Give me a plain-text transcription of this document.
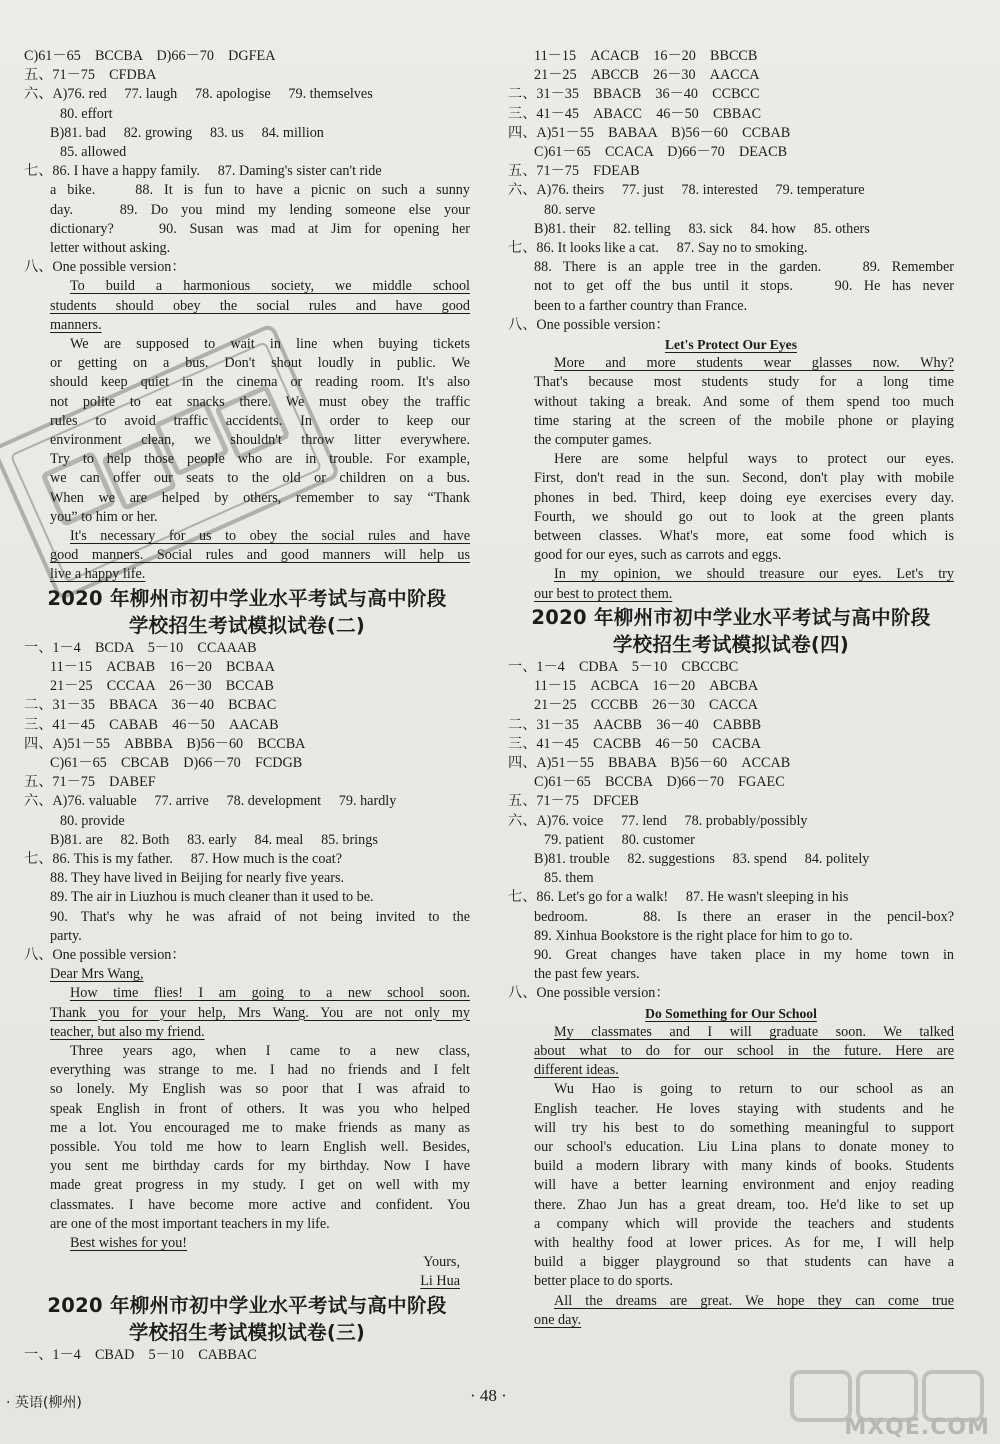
C)61－65　BCCBA　D)66－70　DGFEA
五、71－75　CFDBA
六、A)76. red　 77. laugh　 78. apologise　 79. themselves
80. effort
B)81. bad　 82. growing　 83. us　 84. million
85. allowed
七、86. I have a happy family.　 87. Daming's sister can't ride
a bike.　 88. It is fun to have a picnic on such a sunny
day.　 89. Do you mind my lending someone else your
dictionary?　 90. Susan was mad at Jim for opening her
letter without asking.
八、One possible version：
To build a harmonious society, we middle school
students should obey the social rules and have good
manners.
We are supposed to wait in line when buying tickets
or getting on a bus. Don't shout loudly in public. We
should keep quiet in the cinema or reading room. It's also
not polite to eat snacks there. We must obey the traffic
rules to avoid traffic accidents. In order to keep our
environment clean, we shouldn't throw litter everywhere.
Try to help those people who are in trouble. For example,
we can offer our seats to the old or children on a bus.
When we are helped by others, remember to say “Thank
you” to him or her.
It's necessary for us to obey the social rules and have
good manners. Social rules and good manners will help us
live a happy life.
2020 年柳州市初中学业水平考试与高中阶段
学校招生考试模拟试卷(二)
一、1－4　BCDA　5－10　CCAAAB
11－15　ACBAB　16－20　BCBAA
21－25　CCCAA　26－30　BCCAB
二、31－35　BBACA　36－40　BCBAC
三、41－45　CABAB　46－50　AACAB
四、A)51－55　ABBBA　B)56－60　BCCBA
C)61－65　CBCAB　D)66－70　FCDGB
五、71－75　DABEF
六、A)76. valuable　 77. arrive　 78. development　 79. hardly
80. provide
B)81. are　 82. Both　 83. early　 84. meal　 85. brings
七、86. This is my father.　 87. How much is the coat?
88. They have lived in Beijing for nearly five years.
89. The air in Liuzhou is much cleaner than it used to be.
90. That's why he was afraid of not being invited to the
party.
八、One possible version：
Dear Mrs Wang,
How time flies! I am going to a new school soon.
Thank you for your help, Mrs Wang. You are not only my
teacher, but also my friend.
Three years ago, when I came to a new class,
everything was strange to me. I had no friends and I felt
so lonely. My English was so poor that I was afraid to
speak English in front of others. It was you who helped
me a lot. You encouraged me to make friends as many as
possible. You told me how to learn English well. Besides,
you sent me birthday cards for my birthday. Now I have
made great progress in my study. I get on well with my
classmates. I have become more active and confident. You
are one of the most important teachers in my life.
Best wishes for you!
Yours,
Li Hua
2020 年柳州市初中学业水平考试与高中阶段
学校招生考试模拟试卷(三)
一、1－4　CBAD　5－10　CABBAC
11－15　ACACB　16－20　BBCCB
21－25　ABCCB　26－30　AACCA
二、31－35　BBACB　36－40　CCBCC
三、41－45　ABACC　46－50　CBBAC
四、A)51－55　BABAA　B)56－60　CCBAB
C)61－65　CCACA　D)66－70　DEACB
五、71－75　FDEAB
六、A)76. theirs　 77. just　 78. interested　 79. temperature
80. serve
B)81. their　 82. telling　 83. sick　 84. how　 85. others
七、86. It looks like a cat.　 87. Say no to smoking.
88. There is an apple tree in the garden.　 89. Remember
not to get off the bus until it stops.　 90. He has never
been to a farther country than France.
八、One possible version：
Let's Protect Our Eyes
More and more students wear glasses now. Why?
That's because most students study for a long time
without taking a break. And some of them spend too much
time staring at the screen of the mobile phone or playing
the computer games.
Here are some helpful ways to protect our eyes.
First, don't read in the sun. Second, don't play with mobile
phones in bed. Third, keep doing eye exercises every day.
Fourth, we should go out to look at the green plants
between classes. What's more, eat some food which is
good for our eyes, such as carrots and eggs.
In my opinion, we should treasure our eyes. Let's try
our best to protect them.
2020 年柳州市初中学业水平考试与高中阶段
学校招生考试模拟试卷(四)
一、1－4　CDBA　5－10　CBCCBC
11－15　ACBCA　16－20　ABCBA
21－25　CCCBB　26－30　CACCA
二、31－35　AACBB　36－40　CABBB
三、41－45　CACBB　46－50　CACBA
四、A)51－55　BBABA　B)56－60　ACCAB
C)61－65　BCCBA　D)66－70　FGAEC
五、71－75　DFCEB
六、A)76. voice　 77. lend　 78. probably/possibly
79. patient　 80. customer
B)81. trouble　 82. suggestions　 83. spend　 84. politely
85. them
七、86. Let's go for a walk!　 87. He wasn't sleeping in his
bedroom.　 88. Is there an eraser in the pencil-box?
89. Xinhua Bookstore is the right place for him to go to.
90. Great changes have taken place in my home town in
the past few years.
八、One possible version：
Do Something for Our School
My classmates and I will graduate soon. We talked
about what to do for our school in the future. Here are
different ideas.
Wu Hao is going to return to our school as an
English teacher. He loves staying with students and he
will try his best to do something meaningful to support
our school's education. Liu Lina plans to donate money to
build a modern library with many kinds of books. Students
will have a better learning environment and enjoy reading
there. Zhao Jun has a great dream, too. He'd like to set up
a company which will provide the teachers and students
with healthy food at lower prices. As for me, I will help
build a bigger playground so that students can have a
better place to do sports.
All the dreams are great. We hope they can come true
one day.
· 英语(柳州)	· 48 ·
MXQE.COM
